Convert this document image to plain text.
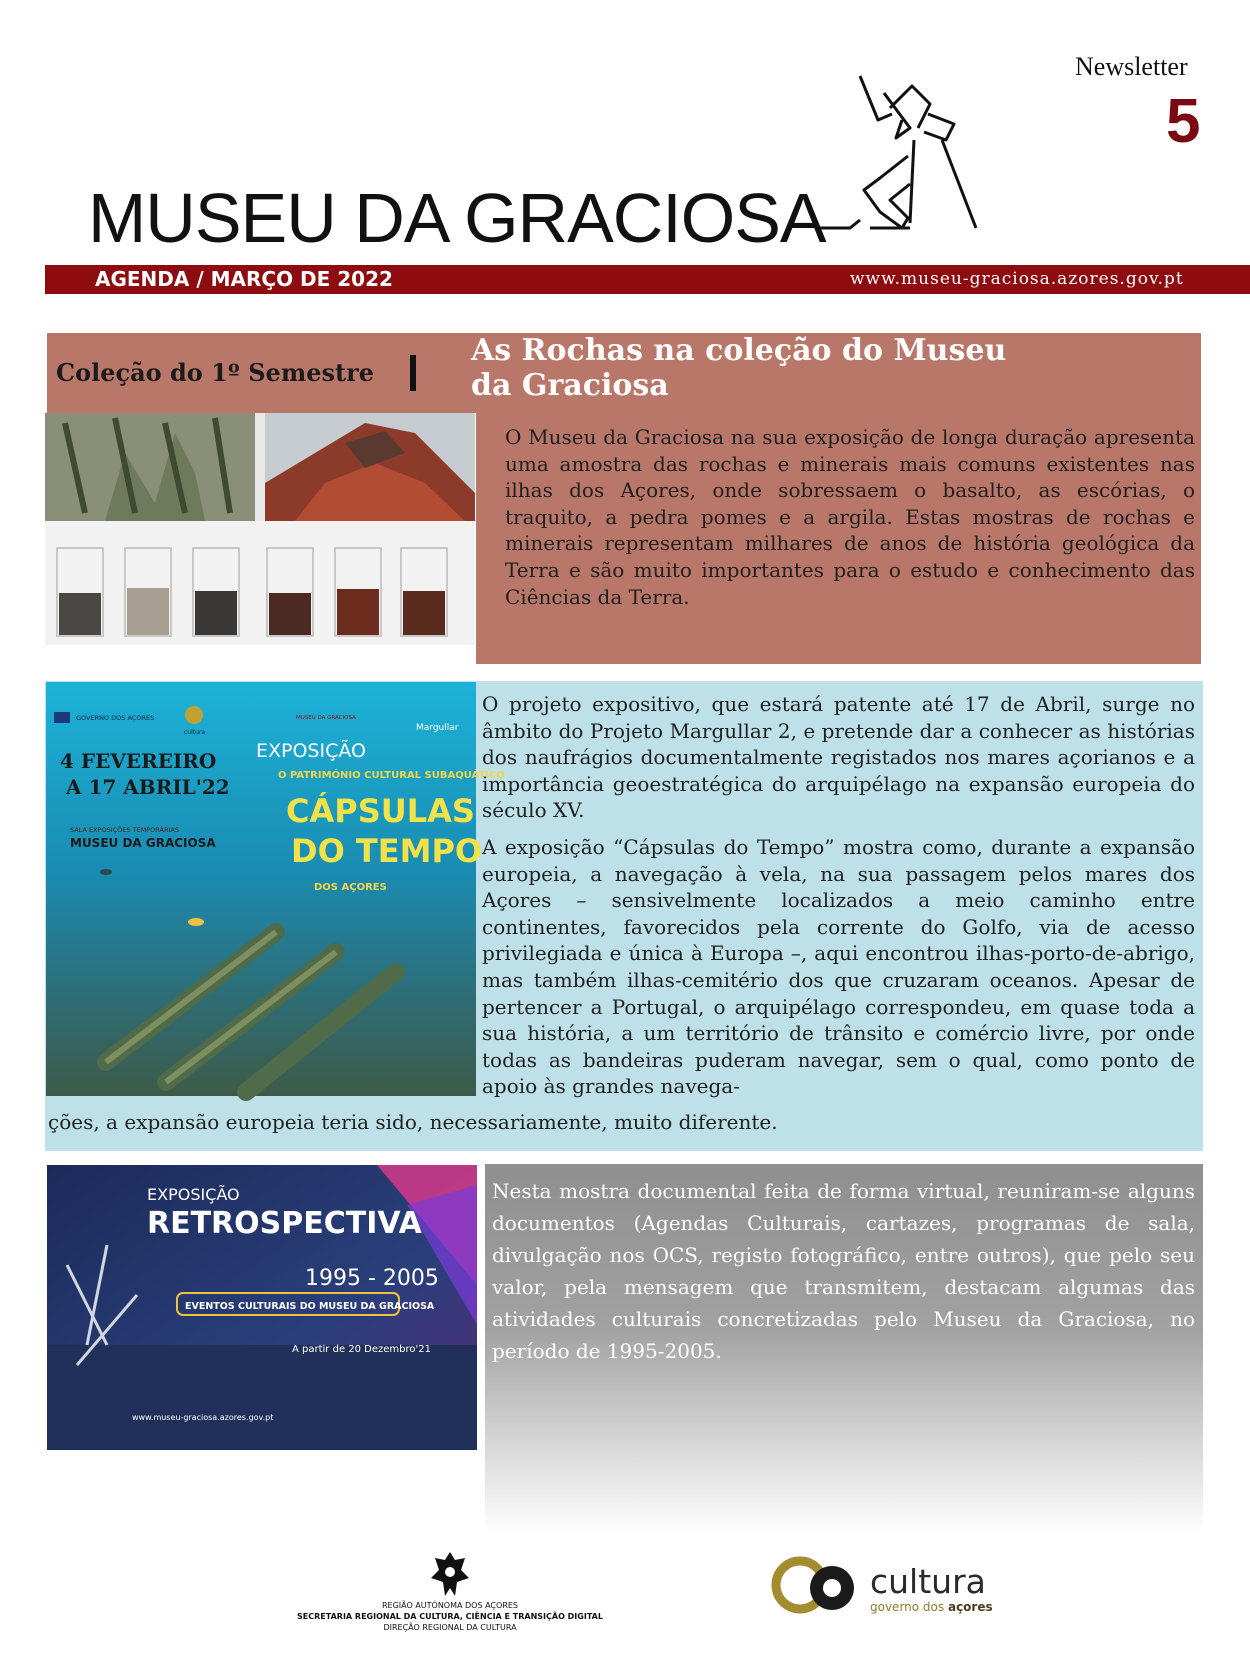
Newsletter
5
MUSEU DA GRACIOSA
AGENDA / MARÇO DE 2022	www.museu-graciosa.azores.gov.pt
Coleção do 1º Semestre
As Rochas na coleção do Museu da Graciosa
O Museu da Graciosa na sua exposição de longa duração apresenta uma amostra das rochas e minerais mais comuns existentes nas ilhas dos Açores, onde sobressaem o basalto, as escórias, o traquito, a pedra pomes e a argila. Estas mostras de rochas e minerais representam milhares de anos de história geológica da Terra e são muito importantes para o estudo e conhecimento das Ciências da Terra.
GOVERNO DOS AÇORES
cultura
MUSEU DA GRACIOSA
Margullar
EXPOSIÇÃO
4 FEVEREIRO
A 17 ABRIL'22
SALA EXPOSIÇÕES TEMPORÁRIAS
MUSEU DA GRACIOSA
O PATRIMÓNIO CULTURAL SUBAQUÁTICO
CÁPSULAS
DO TEMPO
DOS AÇORES

O projeto expositivo, que estará patente até 17 de Abril, surge no âmbito do Projeto Margullar 2, e pretende dar a conhecer as histórias dos naufrágios documentalmente registados nos mares açorianos e a importância geoestratégica do arquipélago na expansão europeia do século XV.

A exposição “Cápsulas do Tempo” mostra como, durante a expansão europeia, a navegação à vela, na sua passagem pelos mares dos Açores – sensivelmente localizados a meio caminho entre continentes, favorecidos pela corrente do Golfo, via de acesso privilegiada e única à Europa –, aqui encontrou ilhas-porto-de-abrigo, mas também ilhas-cemitério dos que cruzaram oceanos. Apesar de pertencer a Portugal, o arquipélago correspondeu, em quase toda a sua história, a um território de trânsito e comércio livre, por onde todas as bandeiras puderam navegar, sem o qual, como ponto de apoio às grandes navega-

ções, a expansão europeia teria sido, necessariamente, muito diferente.
EXPOSIÇÃO
RETROSPECTIVA
1995 - 2005
EVENTOS CULTURAIS DO MUSEU DA GRACIOSA
A partir de 20 Dezembro'21
www.museu-graciosa.azores.gov.pt
Nesta mostra documental feita de forma virtual, reuniram-se alguns documentos (Agendas Culturais, cartazes, programas de sala, divulgação nos OCS, registo fotográfico, entre outros), que pelo seu valor, pela mensagem que transmitem, destacam algumas das atividades culturais concretizadas pelo Museu da Graciosa, no período de 1995-2005.
REGIÃO AUTÓNOMA DOS AÇORES
SECRETARIA REGIONAL DA CULTURA, CIÊNCIA E TRANSIÇÃO DIGITAL
DIREÇÃO REGIONAL DA CULTURA
cultura
governo dos açores
